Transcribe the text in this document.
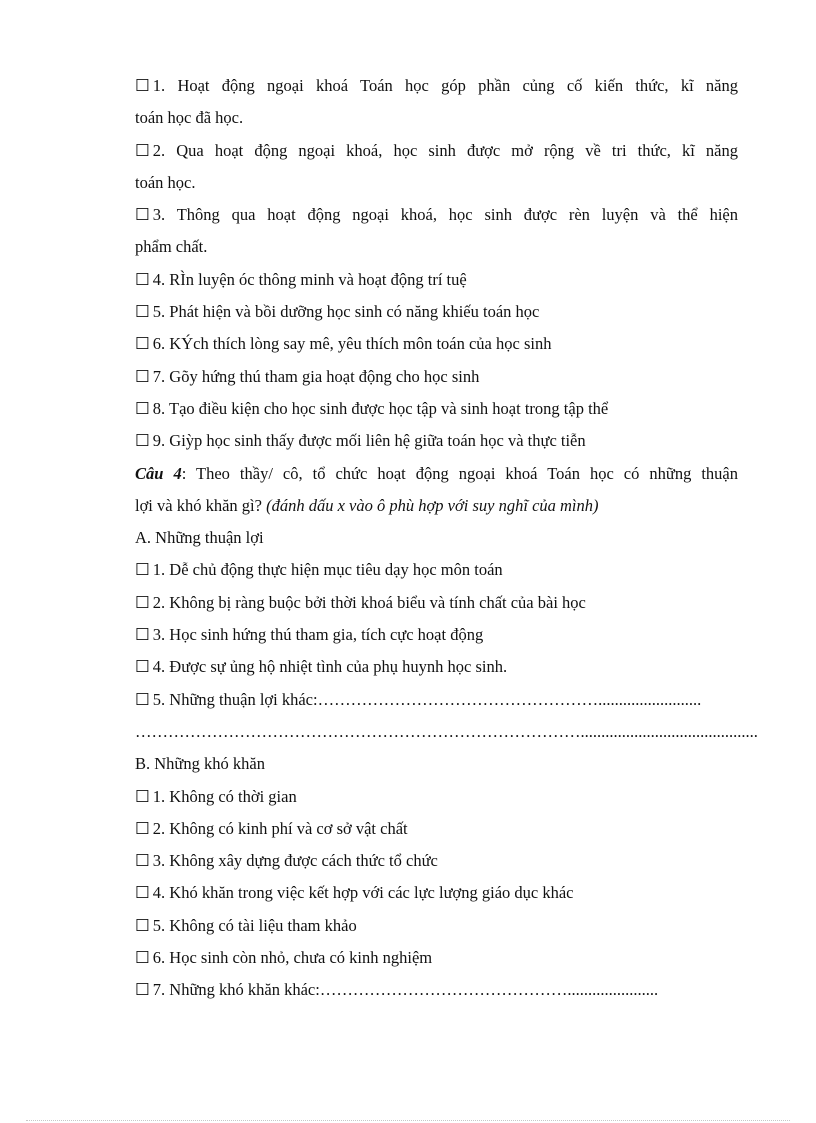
☐ 1. Hoạt động ngoại khoá Toán học góp phần củng cố kiến thức, kĩ năng
toán học đã học.
☐ 2. Qua hoạt động ngoại khoá, học sinh được mở rộng về tri thức, kĩ năng
toán học.
☐ 3. Thông qua hoạt động ngoại khoá, học sinh được rèn luyện và thể hiện
phẩm chất.
☐ 4. RÌn luyện óc thông minh và hoạt động trí tuệ
☐ 5. Phát hiện và bồi dưỡng học sinh có năng khiếu toán học
☐ 6. KÝch thích lòng say mê, yêu thích môn toán của học sinh
☐ 7. Gõy hứng thú tham gia hoạt động cho học sinh
☐ 8. Tạo điều kiện cho học sinh được học tập và sinh hoạt trong tập thể
☐ 9. Giỳp học sinh thấy được mối liên hệ giữa toán học và thực tiễn
Câu 4: Theo thầy/ cô, tổ chức hoạt động ngoại khoá Toán học có những thuận
lợi và khó khăn gì? (đánh dấu x vào ô phù hợp với suy nghĩ của mình)
A. Những thuận lợi
☐ 1. Dễ chủ động thực hiện mục tiêu dạy học môn toán
☐ 2. Không bị ràng buộc bởi thời khoá biểu và tính chất của bài học
☐ 3. Học sinh hứng thú tham gia, tích cực hoạt động
☐ 4. Được sự ủng hộ nhiệt tình của phụ huynh học sinh.
☐ 5. Những thuận lợi khác:…………………………………………….........................
………………………………………………………………………...........................................
B. Những khó khăn
☐ 1. Không có thời gian
☐ 2. Không có kinh phí và cơ sở vật chất
☐ 3. Không xây dựng được cách thức tổ chức
☐ 4. Khó khăn trong việc kết hợp với các lực lượng giáo dục khác
☐ 5. Không có tài liệu tham khảo
☐ 6. Học sinh còn nhỏ, chưa có kinh nghiệm
☐ 7. Những khó khăn khác:………………………………………......................
